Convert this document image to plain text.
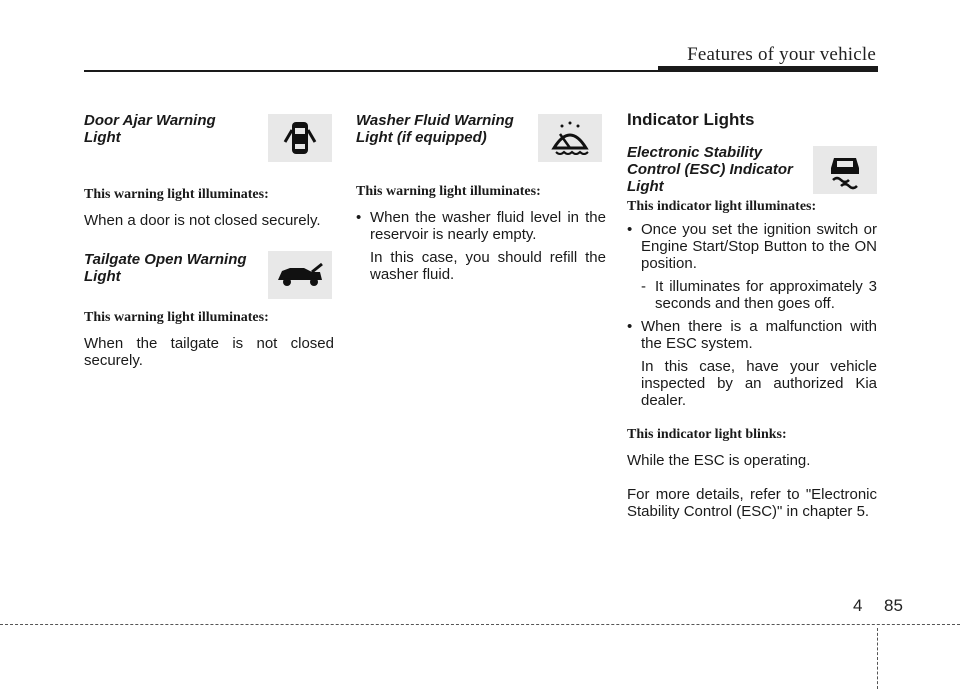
Features of your vehicle
Door Ajar Warning Light
This warning light illuminates:
When a door is not closed securely.
Tailgate Open Warning Light
This warning light illuminates:
When the tailgate is not closed securely.
Washer Fluid Warning Light (if equipped)
This warning light illuminates:
• When the washer fluid level in the reservoir is nearly empty.
In this case, you should refill the washer fluid.
Indicator Lights
Electronic Stability Control (ESC) Indicator Light
This indicator light illuminates:
• Once you set the ignition switch or Engine Start/Stop Button to the ON position.
- It illuminates for approximately 3 seconds and then goes off.
• When there is a malfunction with the ESC system.
In this case, have your vehicle inspected by an authorized Kia dealer.
This indicator light blinks:
While the ESC is operating.
For more details, refer to "Electronic Stability Control (ESC)" in chapter 5.
4 85
